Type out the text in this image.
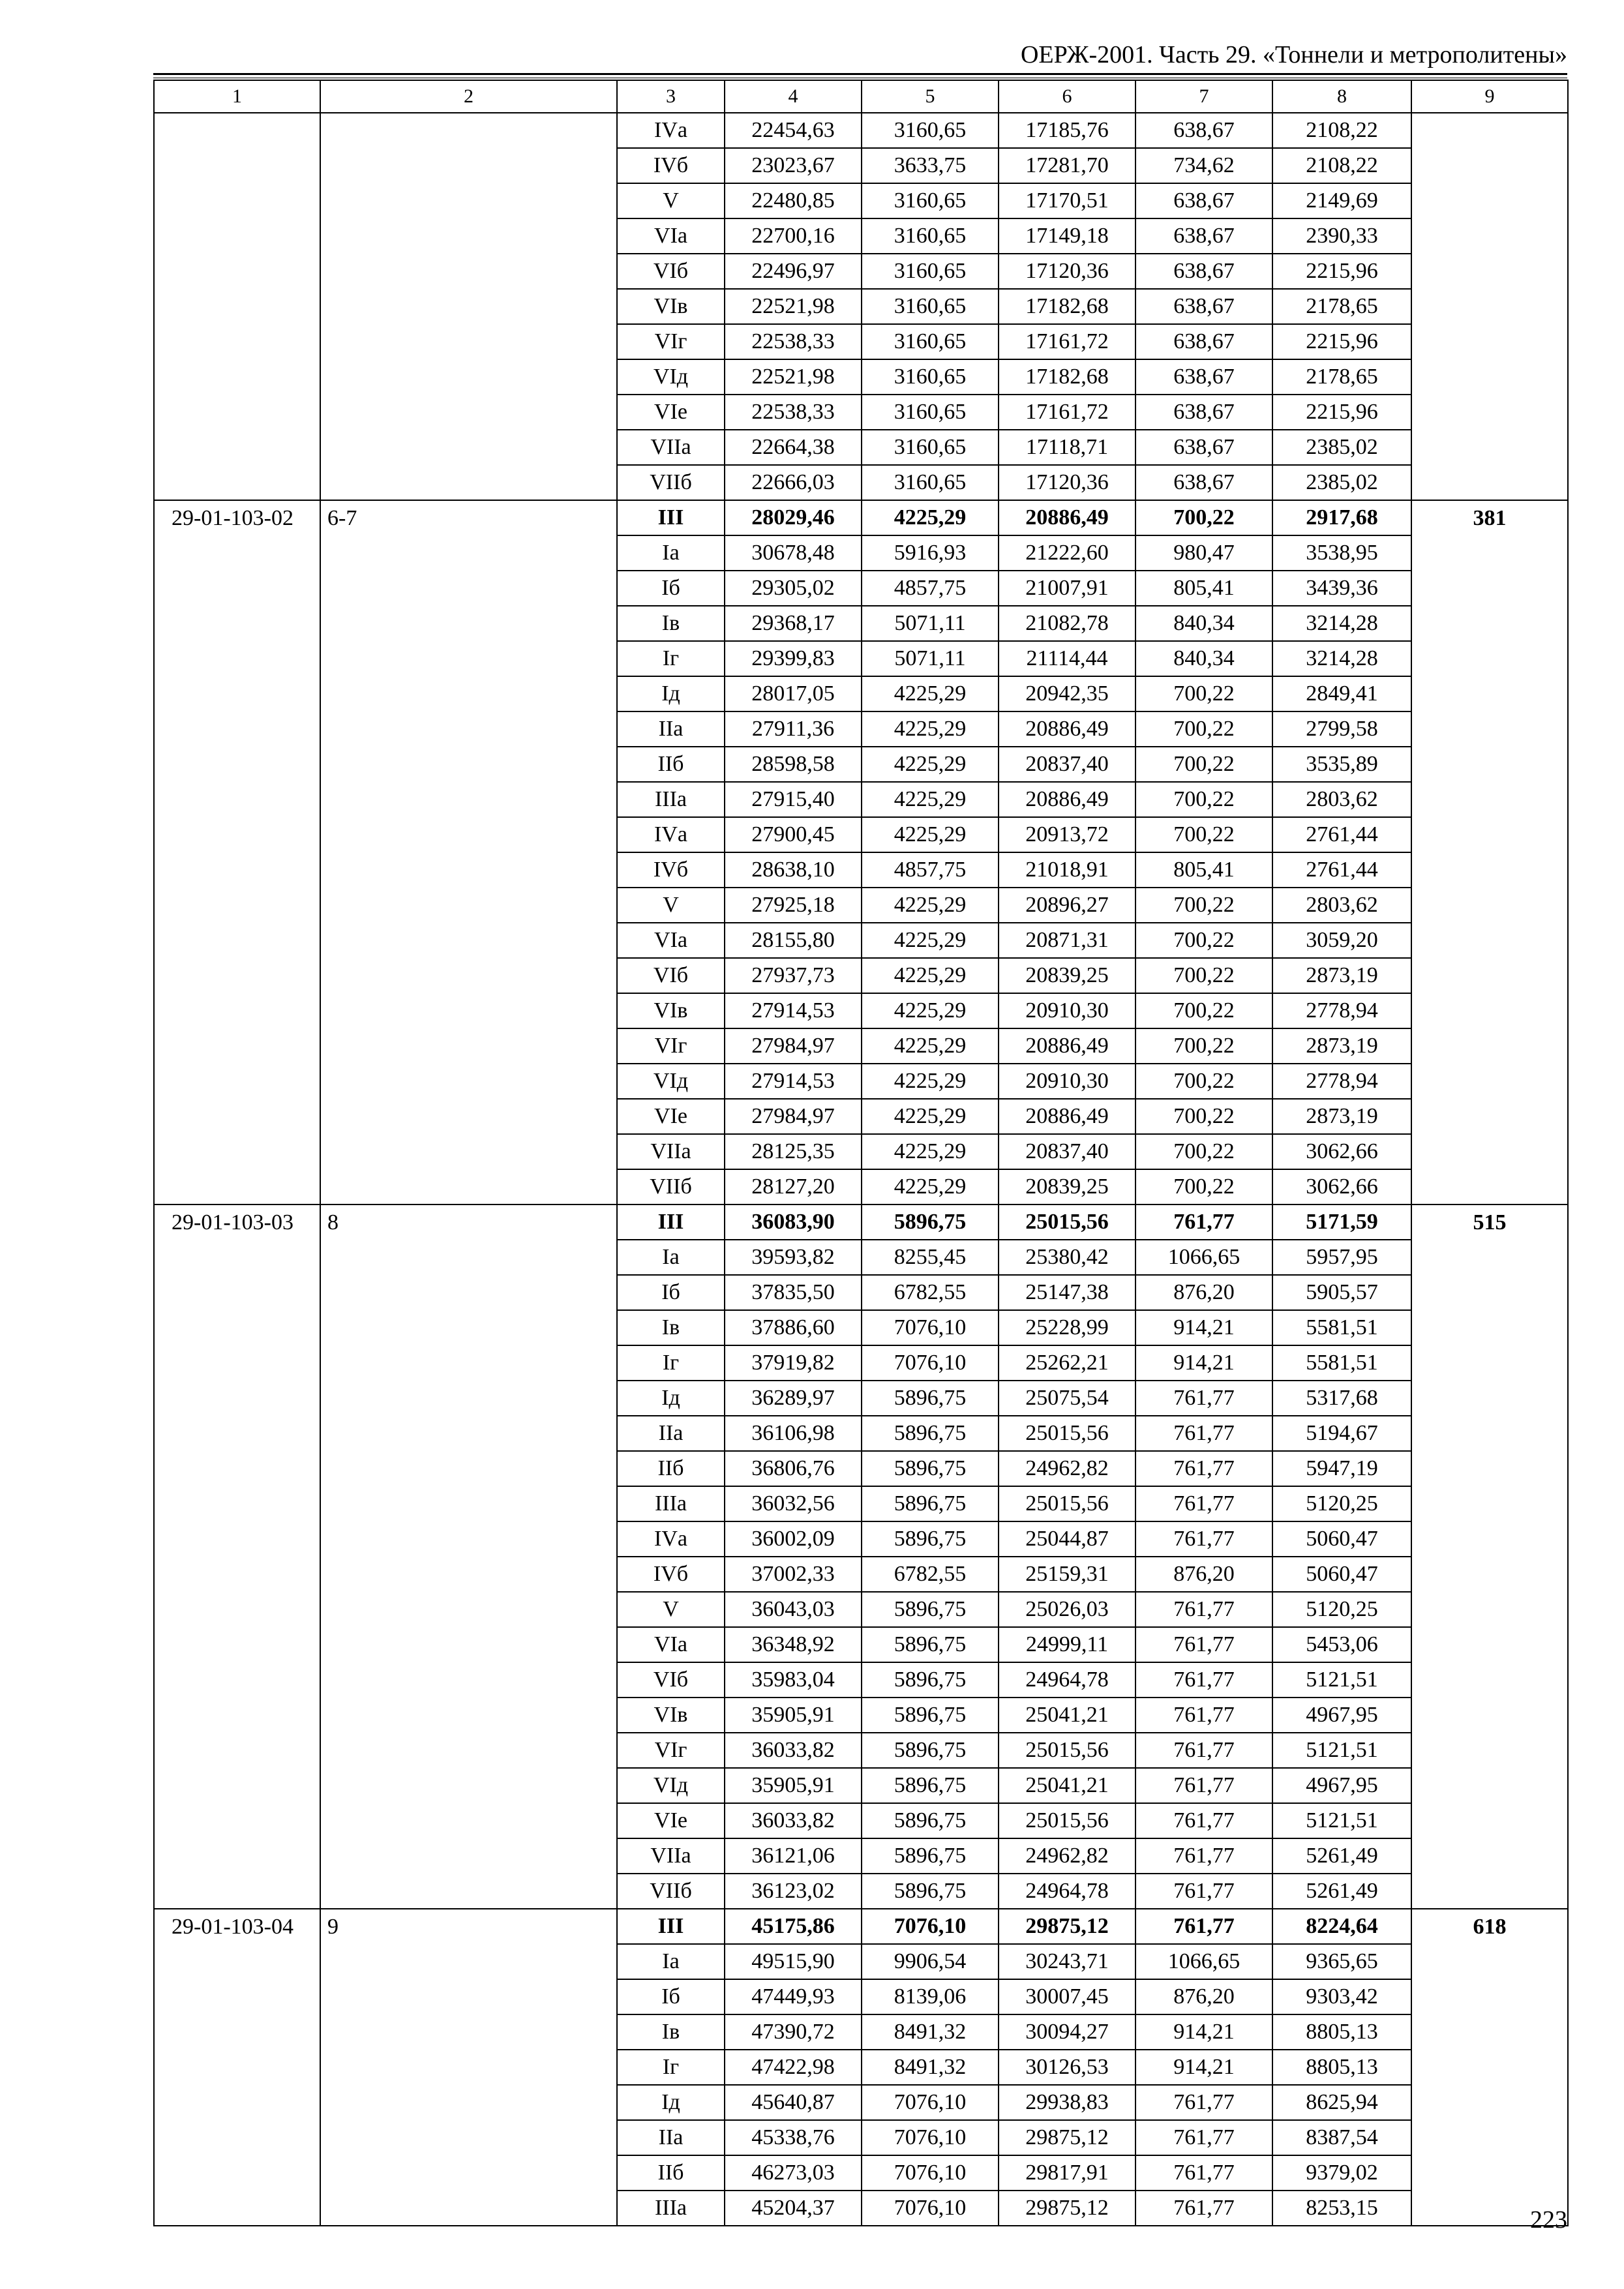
ОЕРЖ-2001. Часть 29. «Тоннели и метрополитены»
1	2	3	4	5	6	7	8	9
		IVа	22454,63	3160,65	17185,76	638,67	2108,22	
		IVб	23023,67	3633,75	17281,70	734,62	2108,22	
		V	22480,85	3160,65	17170,51	638,67	2149,69	
		VIа	22700,16	3160,65	17149,18	638,67	2390,33	
		VIб	22496,97	3160,65	17120,36	638,67	2215,96	
		VIв	22521,98	3160,65	17182,68	638,67	2178,65	
		VIг	22538,33	3160,65	17161,72	638,67	2215,96	
		VIд	22521,98	3160,65	17182,68	638,67	2178,65	
		VIе	22538,33	3160,65	17161,72	638,67	2215,96	
		VIIа	22664,38	3160,65	17118,71	638,67	2385,02	
		VIIб	22666,03	3160,65	17120,36	638,67	2385,02	
29-01-103-02	6-7	III	28029,46	4225,29	20886,49	700,22	2917,68	381
		Iа	30678,48	5916,93	21222,60	980,47	3538,95	
		Iб	29305,02	4857,75	21007,91	805,41	3439,36	
		Iв	29368,17	5071,11	21082,78	840,34	3214,28	
		Iг	29399,83	5071,11	21114,44	840,34	3214,28	
		Iд	28017,05	4225,29	20942,35	700,22	2849,41	
		IIа	27911,36	4225,29	20886,49	700,22	2799,58	
		IIб	28598,58	4225,29	20837,40	700,22	3535,89	
		IIIа	27915,40	4225,29	20886,49	700,22	2803,62	
		IVа	27900,45	4225,29	20913,72	700,22	2761,44	
		IVб	28638,10	4857,75	21018,91	805,41	2761,44	
		V	27925,18	4225,29	20896,27	700,22	2803,62	
		VIа	28155,80	4225,29	20871,31	700,22	3059,20	
		VIб	27937,73	4225,29	20839,25	700,22	2873,19	
		VIв	27914,53	4225,29	20910,30	700,22	2778,94	
		VIг	27984,97	4225,29	20886,49	700,22	2873,19	
		VIд	27914,53	4225,29	20910,30	700,22	2778,94	
		VIе	27984,97	4225,29	20886,49	700,22	2873,19	
		VIIа	28125,35	4225,29	20837,40	700,22	3062,66	
		VIIб	28127,20	4225,29	20839,25	700,22	3062,66	
29-01-103-03	8	III	36083,90	5896,75	25015,56	761,77	5171,59	515
		Iа	39593,82	8255,45	25380,42	1066,65	5957,95	
		Iб	37835,50	6782,55	25147,38	876,20	5905,57	
		Iв	37886,60	7076,10	25228,99	914,21	5581,51	
		Iг	37919,82	7076,10	25262,21	914,21	5581,51	
		Iд	36289,97	5896,75	25075,54	761,77	5317,68	
		IIа	36106,98	5896,75	25015,56	761,77	5194,67	
		IIб	36806,76	5896,75	24962,82	761,77	5947,19	
		IIIа	36032,56	5896,75	25015,56	761,77	5120,25	
		IVа	36002,09	5896,75	25044,87	761,77	5060,47	
		IVб	37002,33	6782,55	25159,31	876,20	5060,47	
		V	36043,03	5896,75	25026,03	761,77	5120,25	
		VIа	36348,92	5896,75	24999,11	761,77	5453,06	
		VIб	35983,04	5896,75	24964,78	761,77	5121,51	
		VIв	35905,91	5896,75	25041,21	761,77	4967,95	
		VIг	36033,82	5896,75	25015,56	761,77	5121,51	
		VIд	35905,91	5896,75	25041,21	761,77	4967,95	
		VIе	36033,82	5896,75	25015,56	761,77	5121,51	
		VIIа	36121,06	5896,75	24962,82	761,77	5261,49	
		VIIб	36123,02	5896,75	24964,78	761,77	5261,49	
29-01-103-04	9	III	45175,86	7076,10	29875,12	761,77	8224,64	618
		Iа	49515,90	9906,54	30243,71	1066,65	9365,65	
		Iб	47449,93	8139,06	30007,45	876,20	9303,42	
		Iв	47390,72	8491,32	30094,27	914,21	8805,13	
		Iг	47422,98	8491,32	30126,53	914,21	8805,13	
		Iд	45640,87	7076,10	29938,83	761,77	8625,94	
		IIа	45338,76	7076,10	29875,12	761,77	8387,54	
		IIб	46273,03	7076,10	29817,91	761,77	9379,02	
		IIIа	45204,37	7076,10	29875,12	761,77	8253,15		223
